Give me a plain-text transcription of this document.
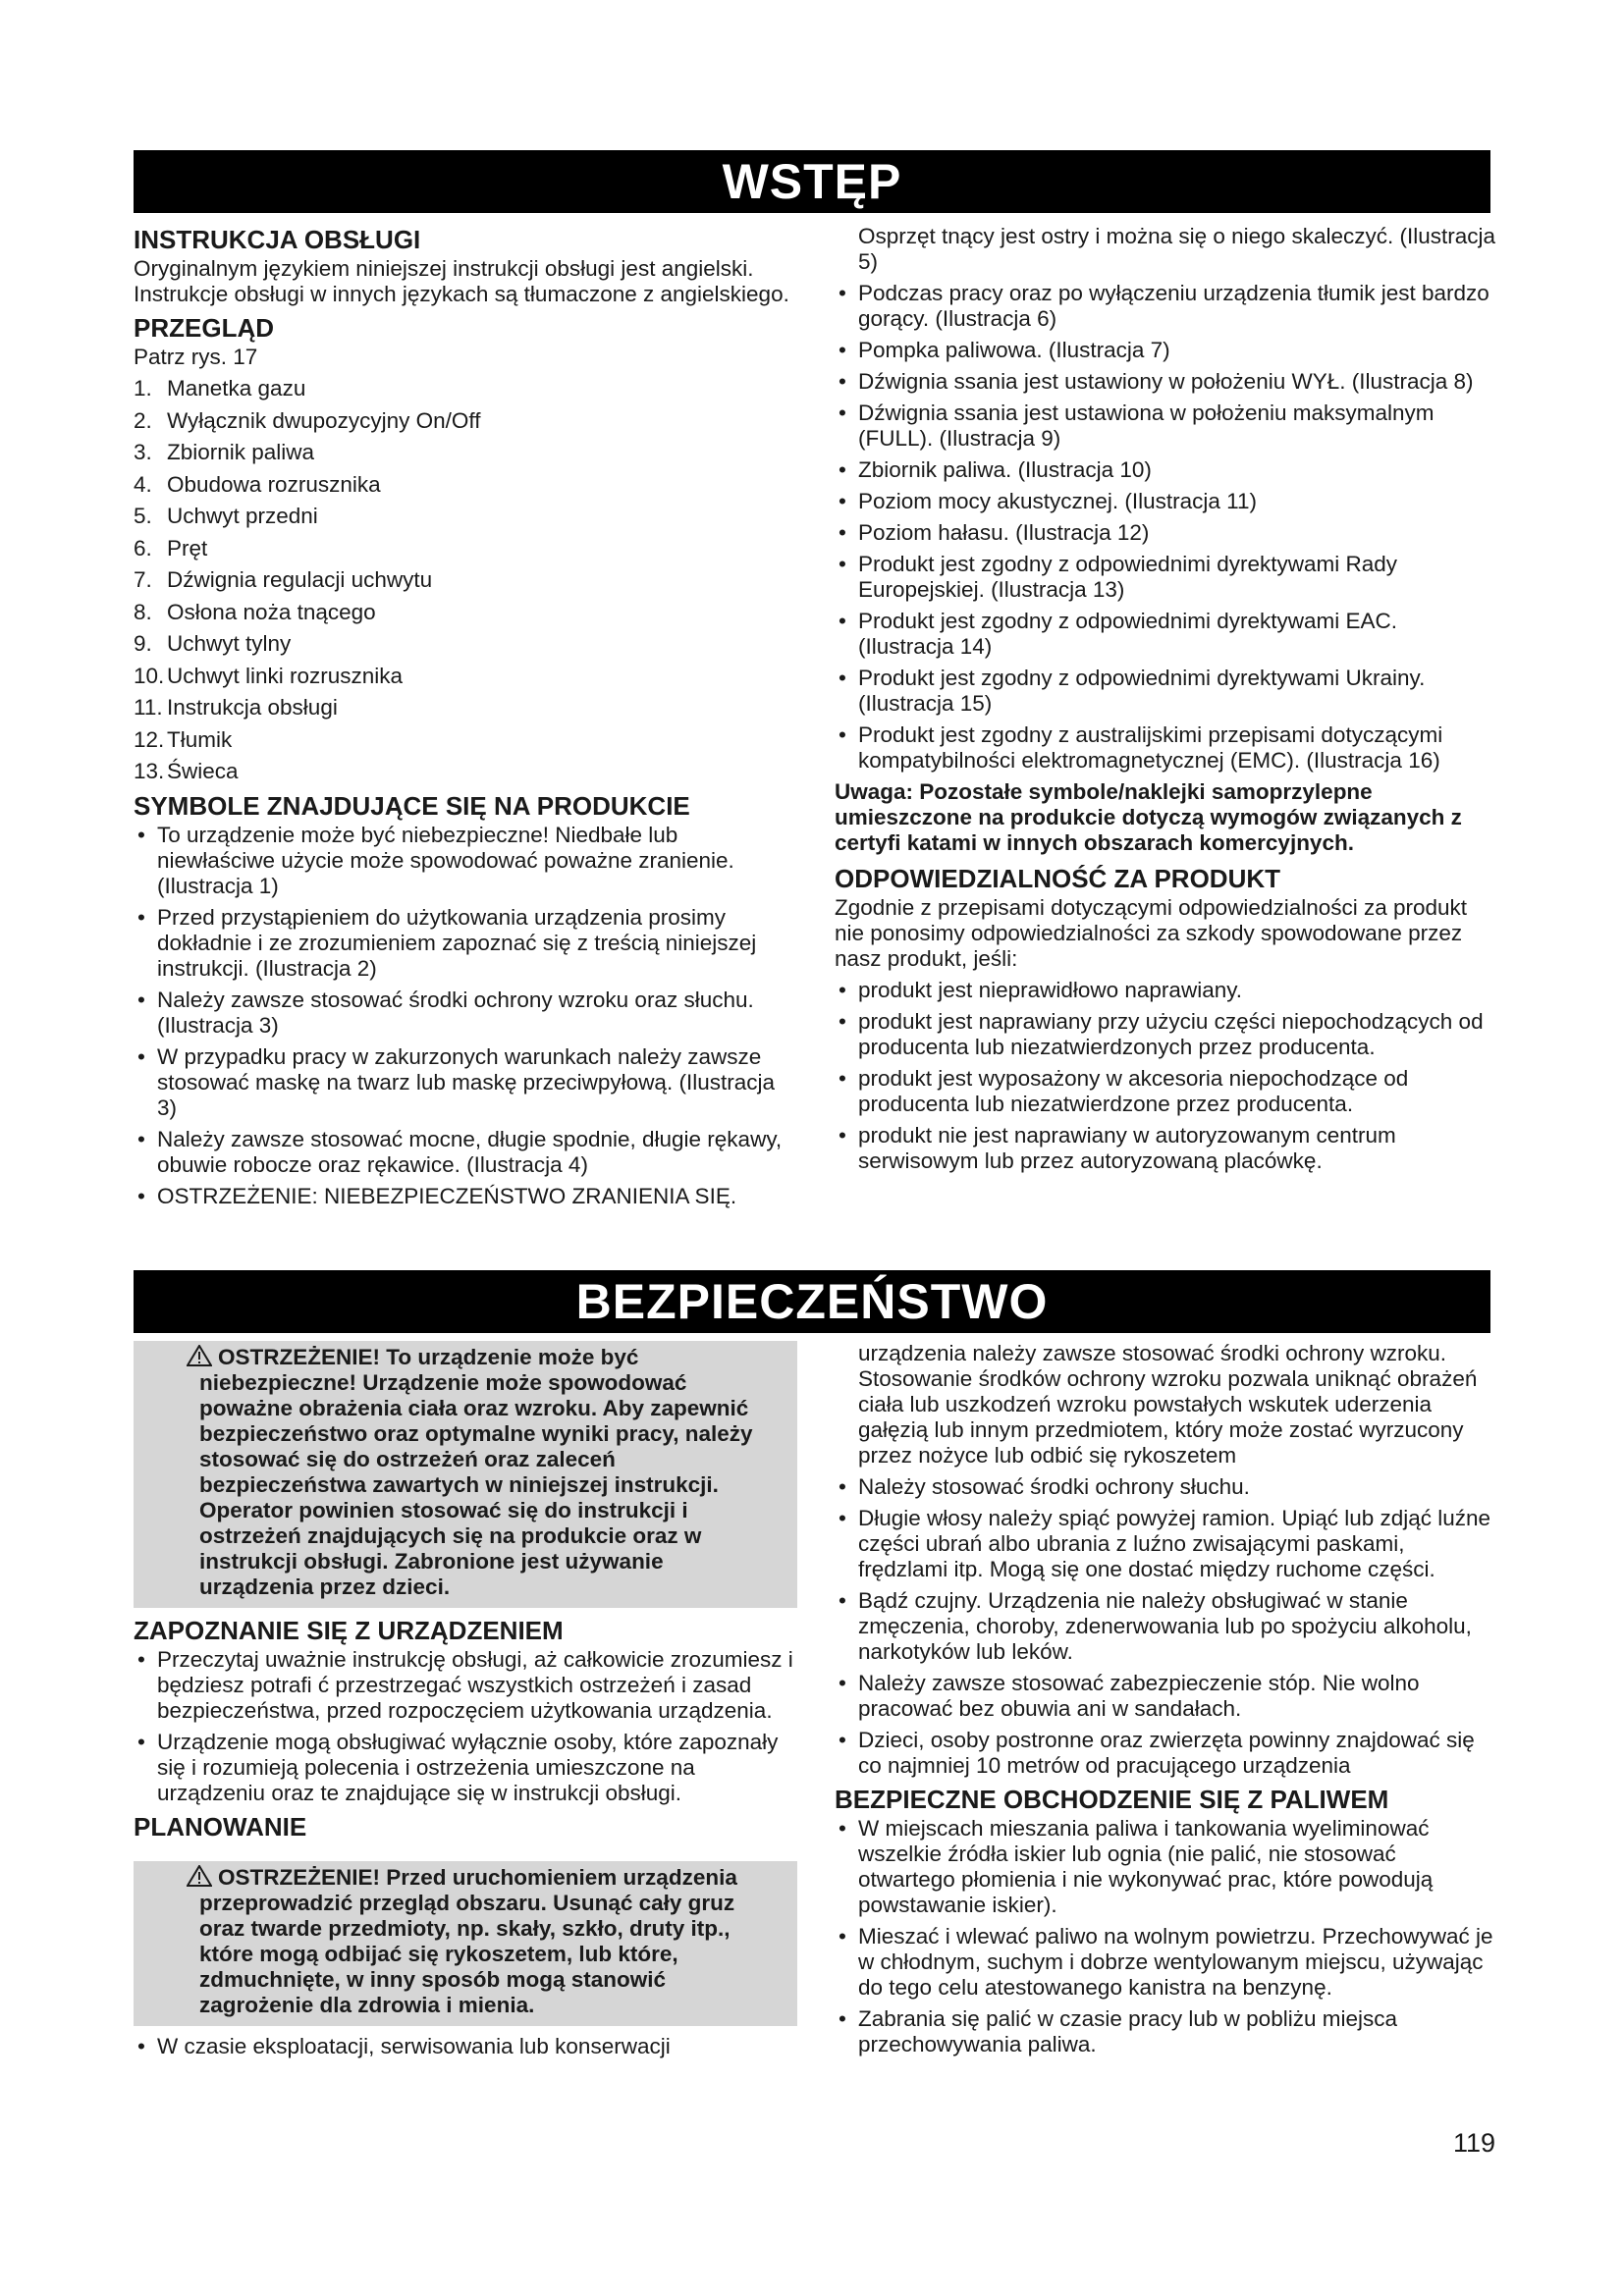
WSTĘP
INSTRUKCJA OBSŁUGI

Oryginalnym językiem niniejszej instrukcji obsługi jest angielski. Instrukcje obsługi w innych językach są tłumaczone z angielskiego.

PRZEGLĄD

Patrz rys. 17

1. Manetka gazu
2. Wyłącznik dwupozycyjny On/Off
3. Zbiornik paliwa
4. Obudowa rozrusznika
5. Uchwyt przedni
6. Pręt
7. Dźwignia regulacji uchwytu
8. Osłona noża tnącego
9. Uchwyt tylny
10. Uchwyt linki rozrusznika
11. Instrukcja obsługi
12. Tłumik
13. Świeca
SYMBOLE ZNAJDUJĄCE SIĘ NA PRODUKCIE
• To urządzenie może być niebezpieczne! Niedbałe lub niewłaściwe użycie może spowodować poważne zranienie. (Ilustracja 1)
• Przed przystąpieniem do użytkowania urządzenia prosimy dokładnie i ze zrozumieniem zapoznać się z treścią niniejszej instrukcji. (Ilustracja 2)
• Należy zawsze stosować środki ochrony wzroku oraz słuchu. (Ilustracja 3)
• W przypadku pracy w zakurzonych warunkach należy zawsze stosować maskę na twarz lub maskę przeciwpyłową. (Ilustracja 3)
• Należy zawsze stosować mocne, długie spodnie, długie rękawy, obuwie robocze oraz rękawice. (Ilustracja 4)
• OSTRZEŻENIE: NIEBEZPIECZEŃSTWO ZRANIENIA SIĘ.
Osprzęt tnący jest ostry i można się o niego skaleczyć. (Ilustracja 5)
• Podczas pracy oraz po wyłączeniu urządzenia tłumik jest bardzo gorący. (Ilustracja 6)
• Pompka paliwowa. (Ilustracja 7)
• Dźwignia ssania jest ustawiony w położeniu WYŁ. (Ilustracja 8)
• Dźwignia ssania jest ustawiona w położeniu maksymalnym (FULL). (Ilustracja 9)
• Zbiornik paliwa. (Ilustracja 10)
• Poziom mocy akustycznej. (Ilustracja 11)
• Poziom hałasu. (Ilustracja 12)
• Produkt jest zgodny z odpowiednimi dyrektywami Rady Europejskiej. (Ilustracja 13)
• Produkt jest zgodny z odpowiednimi dyrektywami EAC. (Ilustracja 14)
• Produkt jest zgodny z odpowiednimi dyrektywami Ukrainy. (Ilustracja 15)
• Produkt jest zgodny z australijskimi przepisami dotyczącymi kompatybilności elektromagnetycznej (EMC). (Ilustracja 16)

Uwaga: Pozostałe symbole/naklejki samoprzylepne umieszczone na produkcie dotyczą wymogów związanych z certyfi katami w innych obszarach komercyjnych.

ODPOWIEDZIALNOŚĆ ZA PRODUKT

Zgodnie z przepisami dotyczącymi odpowiedzialności za produkt nie ponosimy odpowiedzialności za szkody spowodowane przez nasz produkt, jeśli:

• produkt jest nieprawidłowo naprawiany.
• produkt jest naprawiany przy użyciu części niepochodzących od producenta lub niezatwierdzonych przez producenta.
• produkt jest wyposażony w akcesoria niepochodzące od producenta lub niezatwierdzone przez producenta.
• produkt nie jest naprawiany w autoryzowanym centrum serwisowym lub przez autoryzowaną placówkę.
BEZPIECZEŃSTWO
OSTRZEŻENIE! To urządzenie może być
niebezpieczne! Urządzenie może spowodować poważne obrażenia ciała oraz wzroku. Aby zapewnić bezpieczeństwo oraz optymalne wyniki pracy, należy stosować się do ostrzeżeń oraz zaleceń bezpieczeństwa zawartych w niniejszej instrukcji. Operator powinien stosować się do instrukcji i ostrzeżeń znajdujących się na produkcie oraz w instrukcji obsługi. Zabronione jest używanie urządzenia przez dzieci.
ZAPOZNANIE SIĘ Z URZĄDZENIEM
• Przeczytaj uważnie instrukcję obsługi, aż całkowicie zrozumiesz i będziesz potrafi ć przestrzegać wszystkich ostrzeżeń i zasad bezpieczeństwa, przed rozpoczęciem użytkowania urządzenia.
• Urządzenie mogą obsługiwać wyłącznie osoby, które zapoznały się i rozumieją polecenia i ostrzeżenia umieszczone na urządzeniu oraz te znajdujące się w instrukcji obsługi.
PLANOWANIE
OSTRZEŻENIE! Przed uruchomieniem urządzenia
przeprowadzić przegląd obszaru. Usunąć cały gruz oraz twarde przedmioty, np. skały, szkło, druty itp., które mogą odbijać się rykoszetem, lub które, zdmuchnięte, w inny sposób mogą stanowić zagrożenie dla zdrowia i mienia.
• W czasie eksploatacji, serwisowania lub konserwacji
urządzenia należy zawsze stosować środki ochrony wzroku. Stosowanie środków ochrony wzroku pozwala uniknąć obrażeń ciała lub uszkodzeń wzroku powstałych wskutek uderzenia gałęzią lub innym przedmiotem, który może zostać wyrzucony przez nożyce lub odbić się rykoszetem
• Należy stosować środki ochrony słuchu.
• Długie włosy należy spiąć powyżej ramion. Upiąć lub zdjąć luźne części ubrań albo ubrania z luźno zwisającymi paskami, frędzlami itp. Mogą się one dostać między ruchome części.
• Bądź czujny. Urządzenia nie należy obsługiwać w stanie zmęczenia, choroby, zdenerwowania lub po spożyciu alkoholu, narkotyków lub leków.
• Należy zawsze stosować zabezpieczenie stóp. Nie wolno pracować bez obuwia ani w sandałach.
• Dzieci, osoby postronne oraz zwierzęta powinny znajdować się co najmniej 10 metrów od pracującego urządzenia
BEZPIECZNE OBCHODZENIE SIĘ Z PALIWEM
• W miejscach mieszania paliwa i tankowania wyeliminować wszelkie źródła iskier lub ognia (nie palić, nie stosować otwartego płomienia i nie wykonywać prac, które powodują powstawanie iskier).
• Mieszać i wlewać paliwo na wolnym powietrzu. Przechowywać je w chłodnym, suchym i dobrze wentylowanym miejscu, używając do tego celu atestowanego kanistra na benzynę.
• Zabrania się palić w czasie pracy lub w pobliżu miejsca przechowywania paliwa.
119
